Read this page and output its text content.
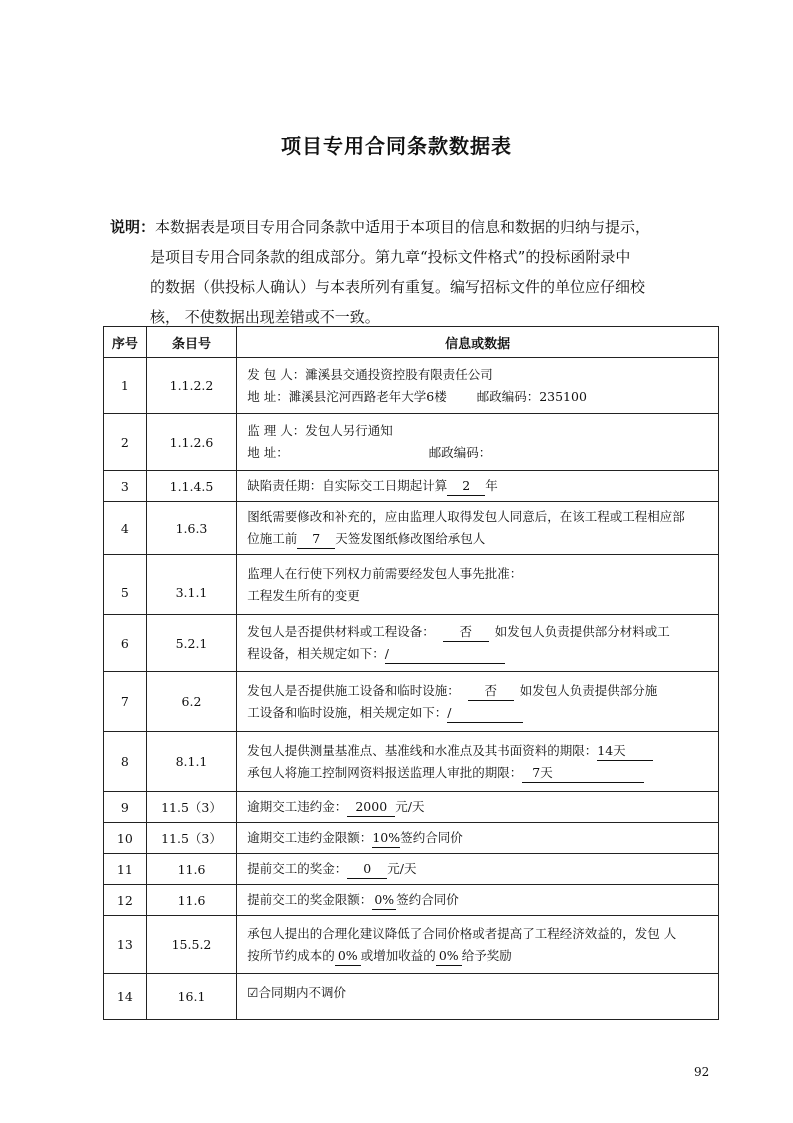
项目专用合同条款数据表
说明：本数据表是项目专用合同条款中适用于本项目的信息和数据的归纳与提示，
是项目专用合同条款的组成部分。第九章“投标文件格式”的投标函附录中
的数据（供投标人确认）与本表所列有重复。编写招标文件的单位应仔细校
核， 不使数据出现差错或不一致。
序号	条目号	信息或数据
1	1.1.2.2	发 包 人：濉溪县交通投资控股有限责任公司
地 址：濉溪县沱河西路老年大学6楼 邮政编码：235100

2	1.1.2.6	监 理 人：发包人另行通知
地 址： 邮政编码：

3	1.1.4.5	缺陷责任期：自实际交工日期起计算 2 年

4	1.6.3	图纸需要修改和补充的，应由监理人取得发包人同意后，在该工程或工程相应部
位施工前 7 天签发图纸修改图给承包人

5	3.1.1	监理人在行使下列权力前需要经发包人事先批准：
工程发生所有的变更

6	5.2.1	发包人是否提供材料或工程设备： 否 如发包人负责提供部分材料或工
程设备，相关规定如下：/

7	6.2	发包人是否提供施工设备和临时设施： 否 如发包人负责提供部分施
工设备和临时设施，相关规定如下：/

8	8.1.1	发包人提供测量基准点、基准线和水准点及其书面资料的期限：14天
承包人将施工控制网资料报送监理人审批的期限： 7天

9	11.5（3）	逾期交工违约金： 2000 元/天

10	11.5（3）	逾期交工违约金限额：10%签约合同价

11	11.6	提前交工的奖金： 0 元/天

12	11.6	提前交工的奖金限额： 0% 签约合同价

13	15.5.2	承包人提出的合理化建议降低了合同价格或者提高了工程经济效益的，发包 人
按所节约成本的 0% 或增加收益的 0% 给予奖励

14	16.1	☑合同期内不调价
92
